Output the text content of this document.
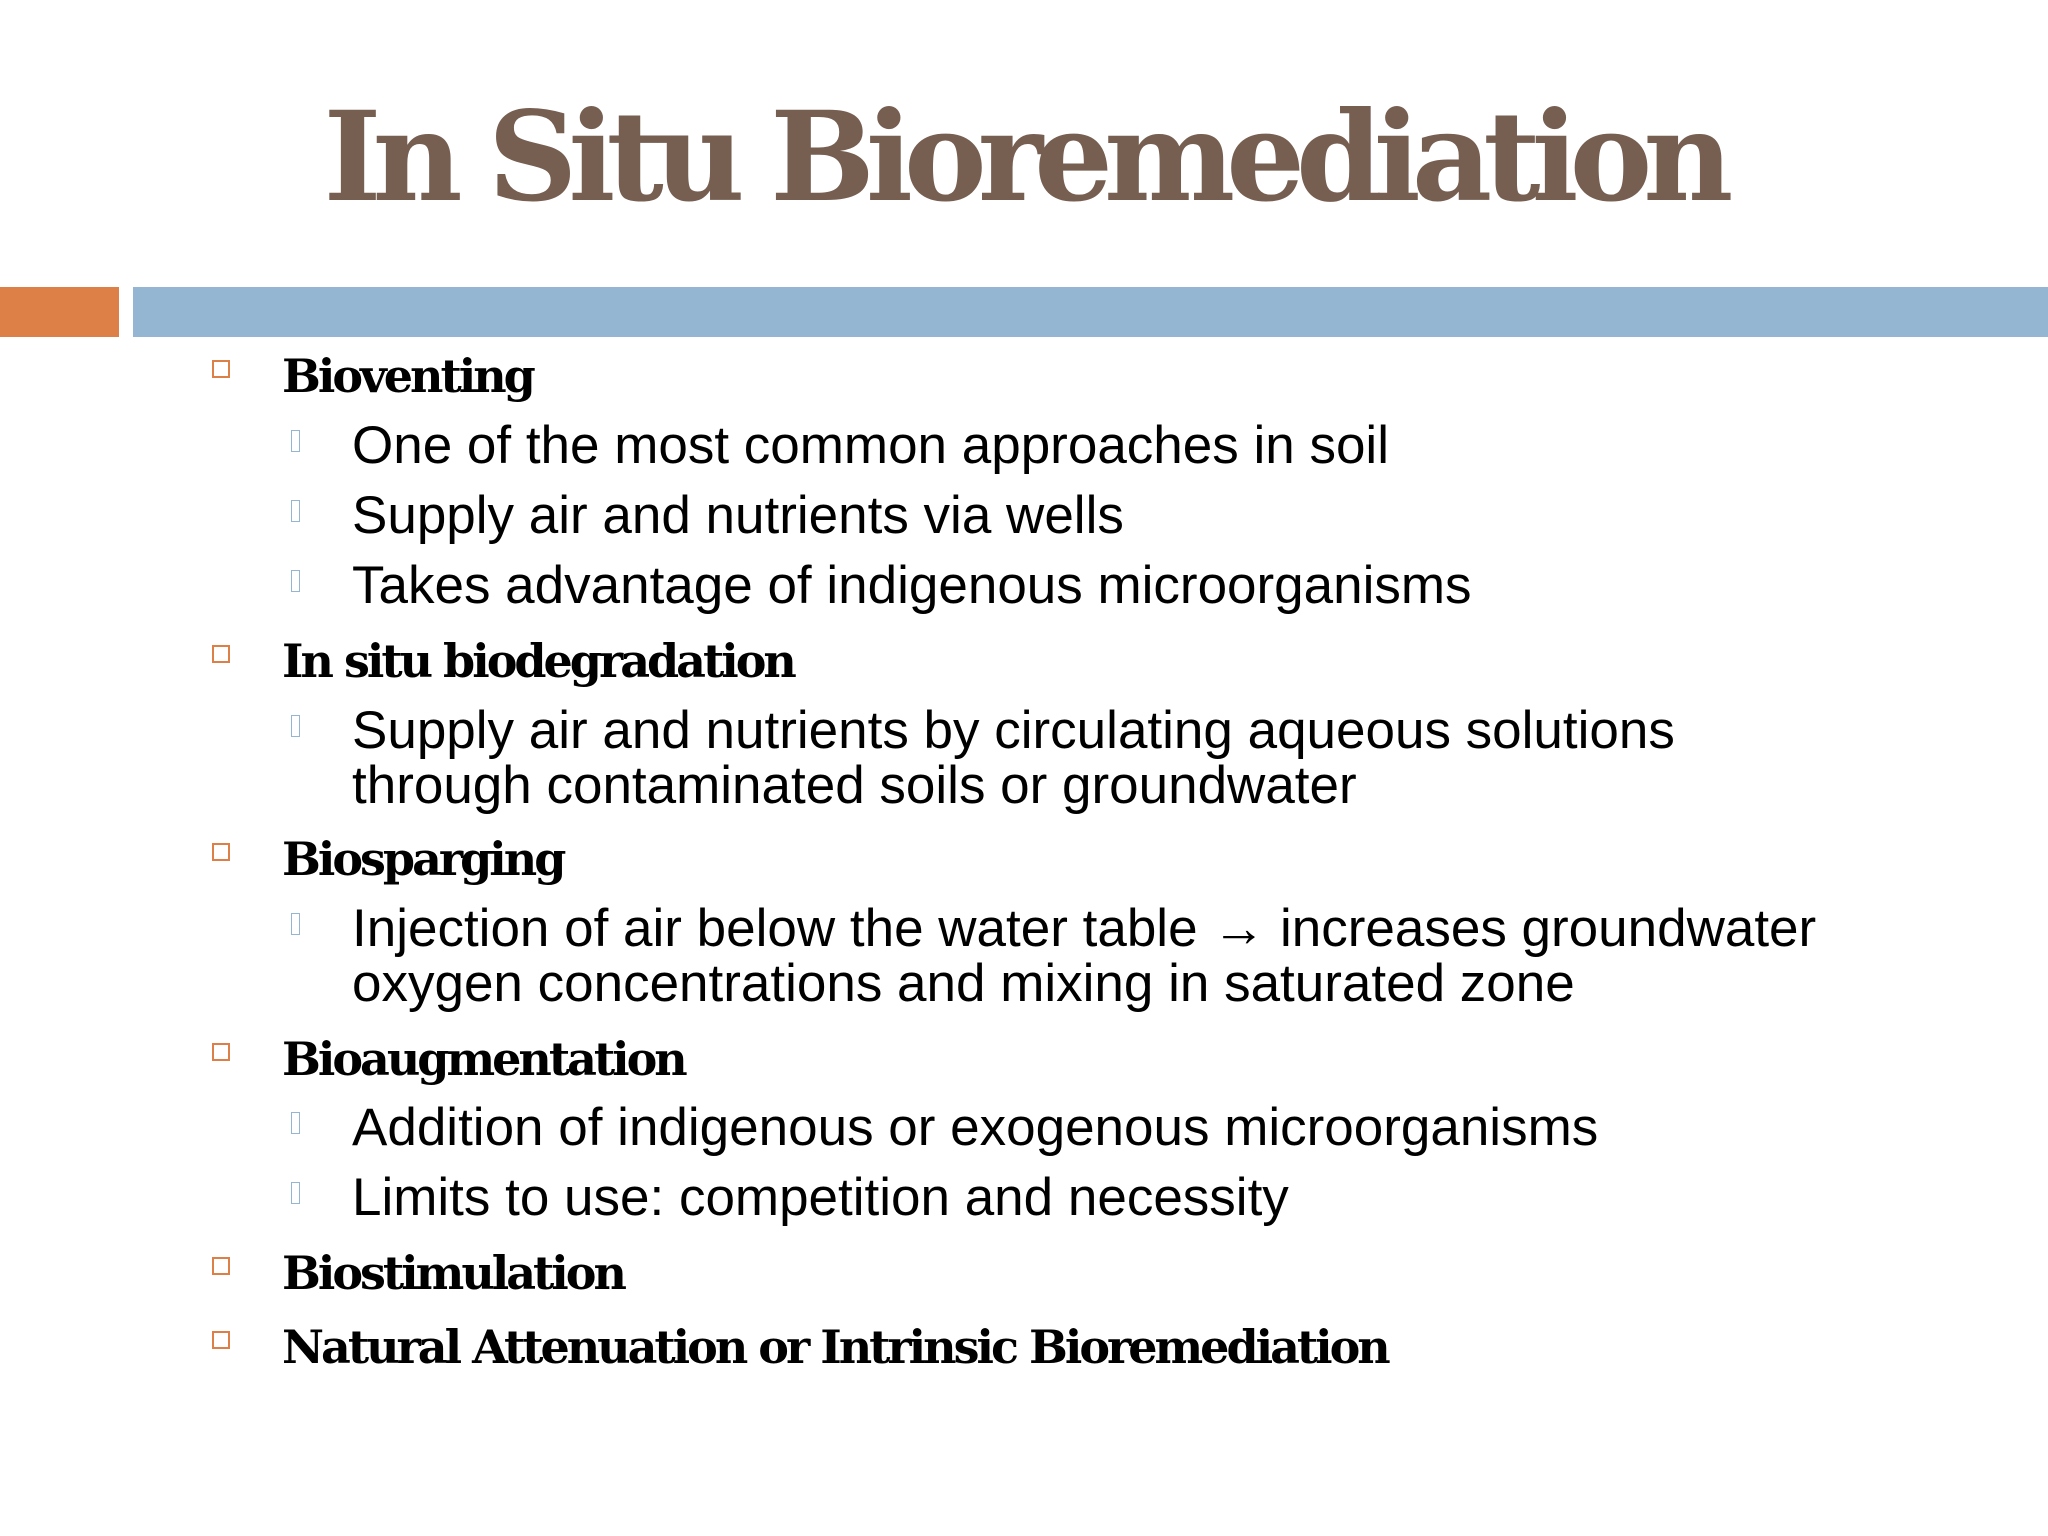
In Situ Bioremediation
Bioventing
One of the most common approaches in soil
Supply air and nutrients via wells
Takes advantage of indigenous microorganisms
In situ biodegradation
Supply air and nutrients by circulating aqueous solutions
through contaminated soils or groundwater
Biosparging
Injection of air below the water table → increases groundwater
oxygen concentrations and mixing in saturated zone
Bioaugmentation
Addition of indigenous or exogenous microorganisms
Limits to use: competition and necessity
Biostimulation
Natural Attenuation or Intrinsic Bioremediation
